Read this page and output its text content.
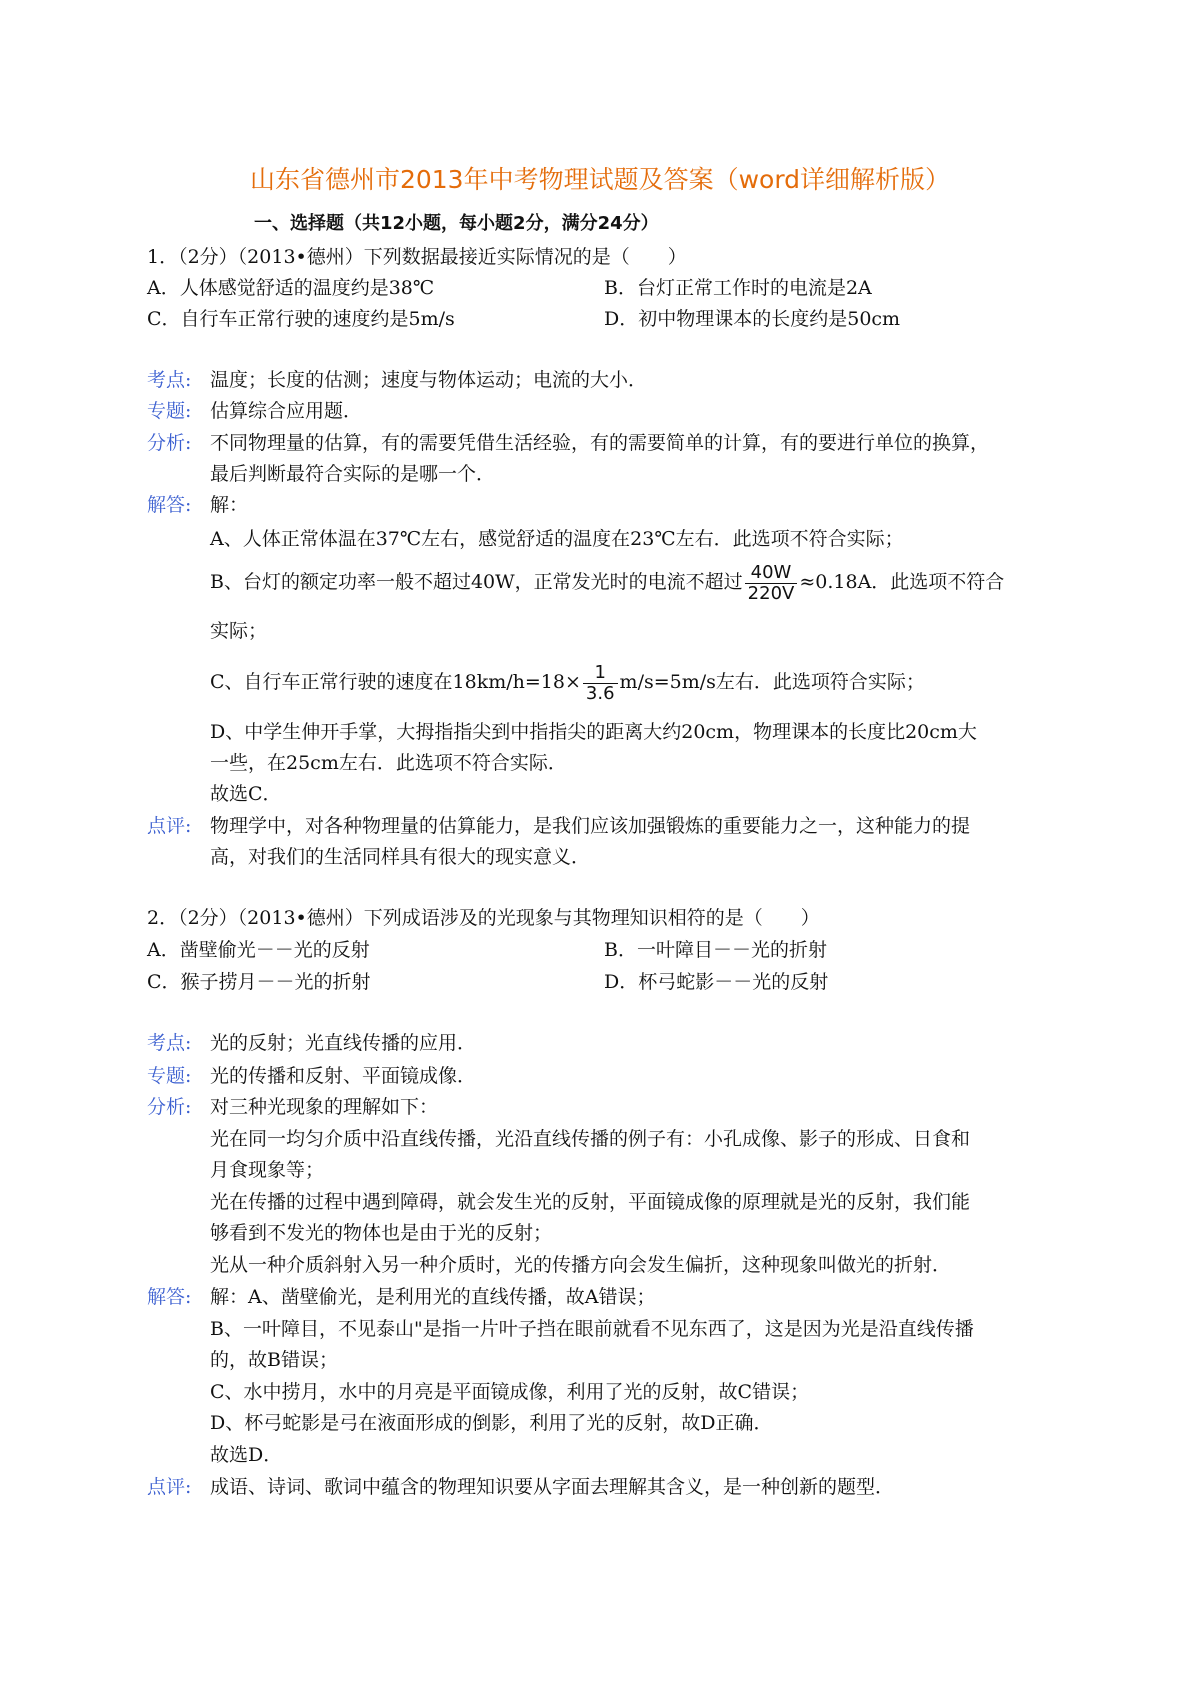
山东省德州市2013年中考物理试题及答案（word详细解析版）
一、选择题（共12小题，每小题2分，满分24分）
1．（2分）（2013•德州）下列数据最接近实际情况的是（　　）
A．人体感觉舒适的温度约是38℃	B．台灯正常工作时的电流是2A
C．自行车正常行驶的速度约是5m/s	D．初中物理课本的长度约是50cm
考点: 温度；长度的估测；速度与物体运动；电流的大小．
专题: 估算综合应用题．
分析: 不同物理量的估算，有的需要凭借生活经验，有的需要简单的计算，有的要进行单位的换算，
最后判断最符合实际的是哪一个．
解答: 解：
A、人体正常体温在37℃左右，感觉舒适的温度在23℃左右．此选项不符合实际；
B、台灯的额定功率一般不超过40W，正常发光时的电流不超过 $\frac{40W}{220V} \approx 0.18A$．此选项不符合
实际；
C、自行车正常行驶的速度在$18km/h=18\times \frac{1}{3.6} m/s=5m/s$左右．此选项符合实际；
D、中学生伸开手掌，大拇指指尖到中指指尖的距离大约20cm，物理课本的长度比20cm大
一些，在25cm左右．此选项不符合实际．
故选C．
点评: 物理学中，对各种物理量的估算能力，是我们应该加强锻炼的重要能力之一，这种能力的提
高，对我们的生活同样具有很大的现实意义．
2．（2分）（2013•德州）下列成语涉及的光现象与其物理知识相符的是（　　）
A．凿壁偷光－－光的反射	B．一叶障目－－光的折射
C．猴子捞月－－光的折射	D．杯弓蛇影－－光的反射
考点: 光的反射；光直线传播的应用．
专题: 光的传播和反射、平面镜成像．
分析: 对三种光现象的理解如下：
光在同一均匀介质中沿直线传播，光沿直线传播的例子有：小孔成像、影子的形成、日食和
月食现象等；
光在传播的过程中遇到障碍，就会发生光的反射，平面镜成像的原理就是光的反射，我们能
够看到不发光的物体也是由于光的反射；
光从一种介质斜射入另一种介质时，光的传播方向会发生偏折，这种现象叫做光的折射．
解答: 解：A、凿壁偷光，是利用光的直线传播，故A错误；
B、一叶障目，不见泰山"是指一片叶子挡在眼前就看不见东西了，这是因为光是沿直线传播
的，故B错误；
C、水中捞月，水中的月亮是平面镜成像，利用了光的反射，故C错误；
D、杯弓蛇影是弓在液面形成的倒影，利用了光的反射，故D正确．
故选D．
点评: 成语、诗词、歌词中蕴含的物理知识要从字面去理解其含义，是一种创新的题型．
